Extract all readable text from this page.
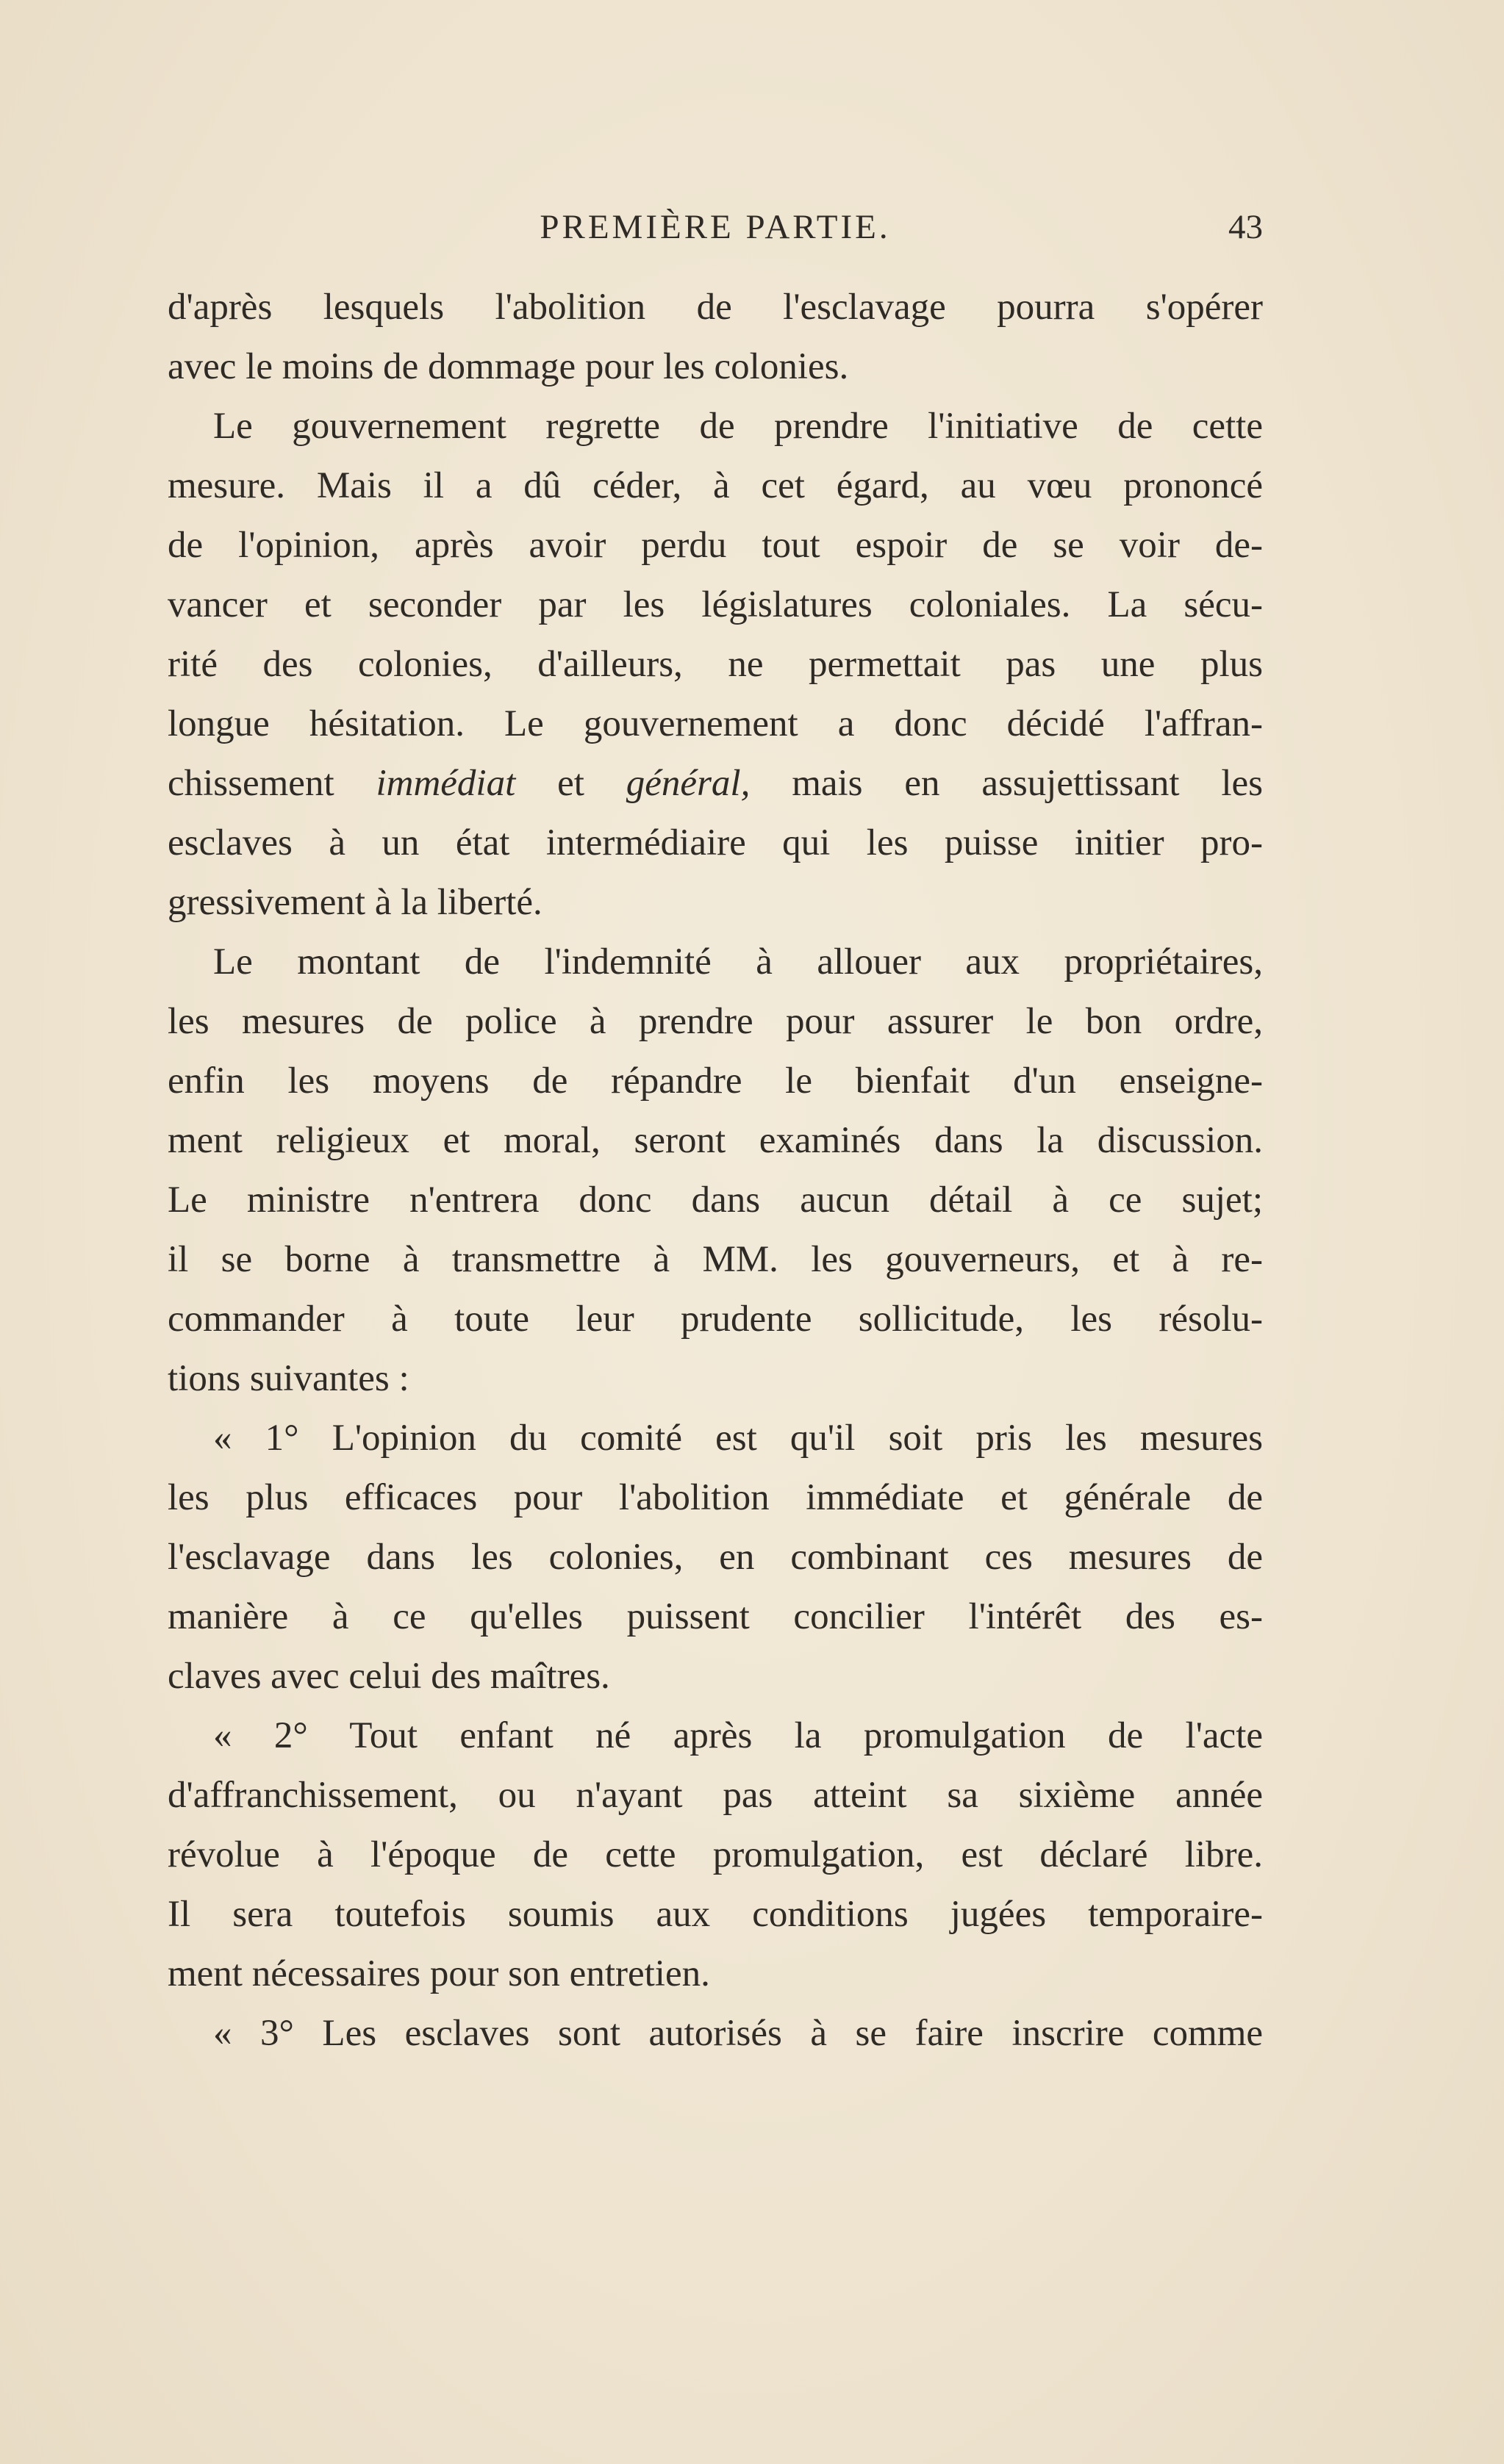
PREMIÈRE PARTIE.	43
d'après lesquels l'abolition de l'esclavage pourra s'opérer
avec le moins de dommage pour les colonies.
Le gouvernement regrette de prendre l'initiative de cette
mesure. Mais il a dû céder, à cet égard, au vœu prononcé
de l'opinion, après avoir perdu tout espoir de se voir de-
vancer et seconder par les législatures coloniales. La sécu-
rité des colonies, d'ailleurs, ne permettait pas une plus
longue hésitation. Le gouvernement a donc décidé l'affran-
chissement immédiat et général, mais en assujettissant les
esclaves à un état intermédiaire qui les puisse initier pro-
gressivement à la liberté.
Le montant de l'indemnité à allouer aux propriétaires,
les mesures de police à prendre pour assurer le bon ordre,
enfin les moyens de répandre le bienfait d'un enseigne-
ment religieux et moral, seront examinés dans la discussion.
Le ministre n'entrera donc dans aucun détail à ce sujet;
il se borne à transmettre à MM. les gouverneurs, et à re-
commander à toute leur prudente sollicitude, les résolu-
tions suivantes :
« 1° L'opinion du comité est qu'il soit pris les mesures
les plus efficaces pour l'abolition immédiate et générale de
l'esclavage dans les colonies, en combinant ces mesures de
manière à ce qu'elles puissent concilier l'intérêt des es-
claves avec celui des maîtres.
« 2° Tout enfant né après la promulgation de l'acte
d'affranchissement, ou n'ayant pas atteint sa sixième année
révolue à l'époque de cette promulgation, est déclaré libre.
Il sera toutefois soumis aux conditions jugées temporaire-
ment nécessaires pour son entretien.
« 3° Les esclaves sont autorisés à se faire inscrire comme
